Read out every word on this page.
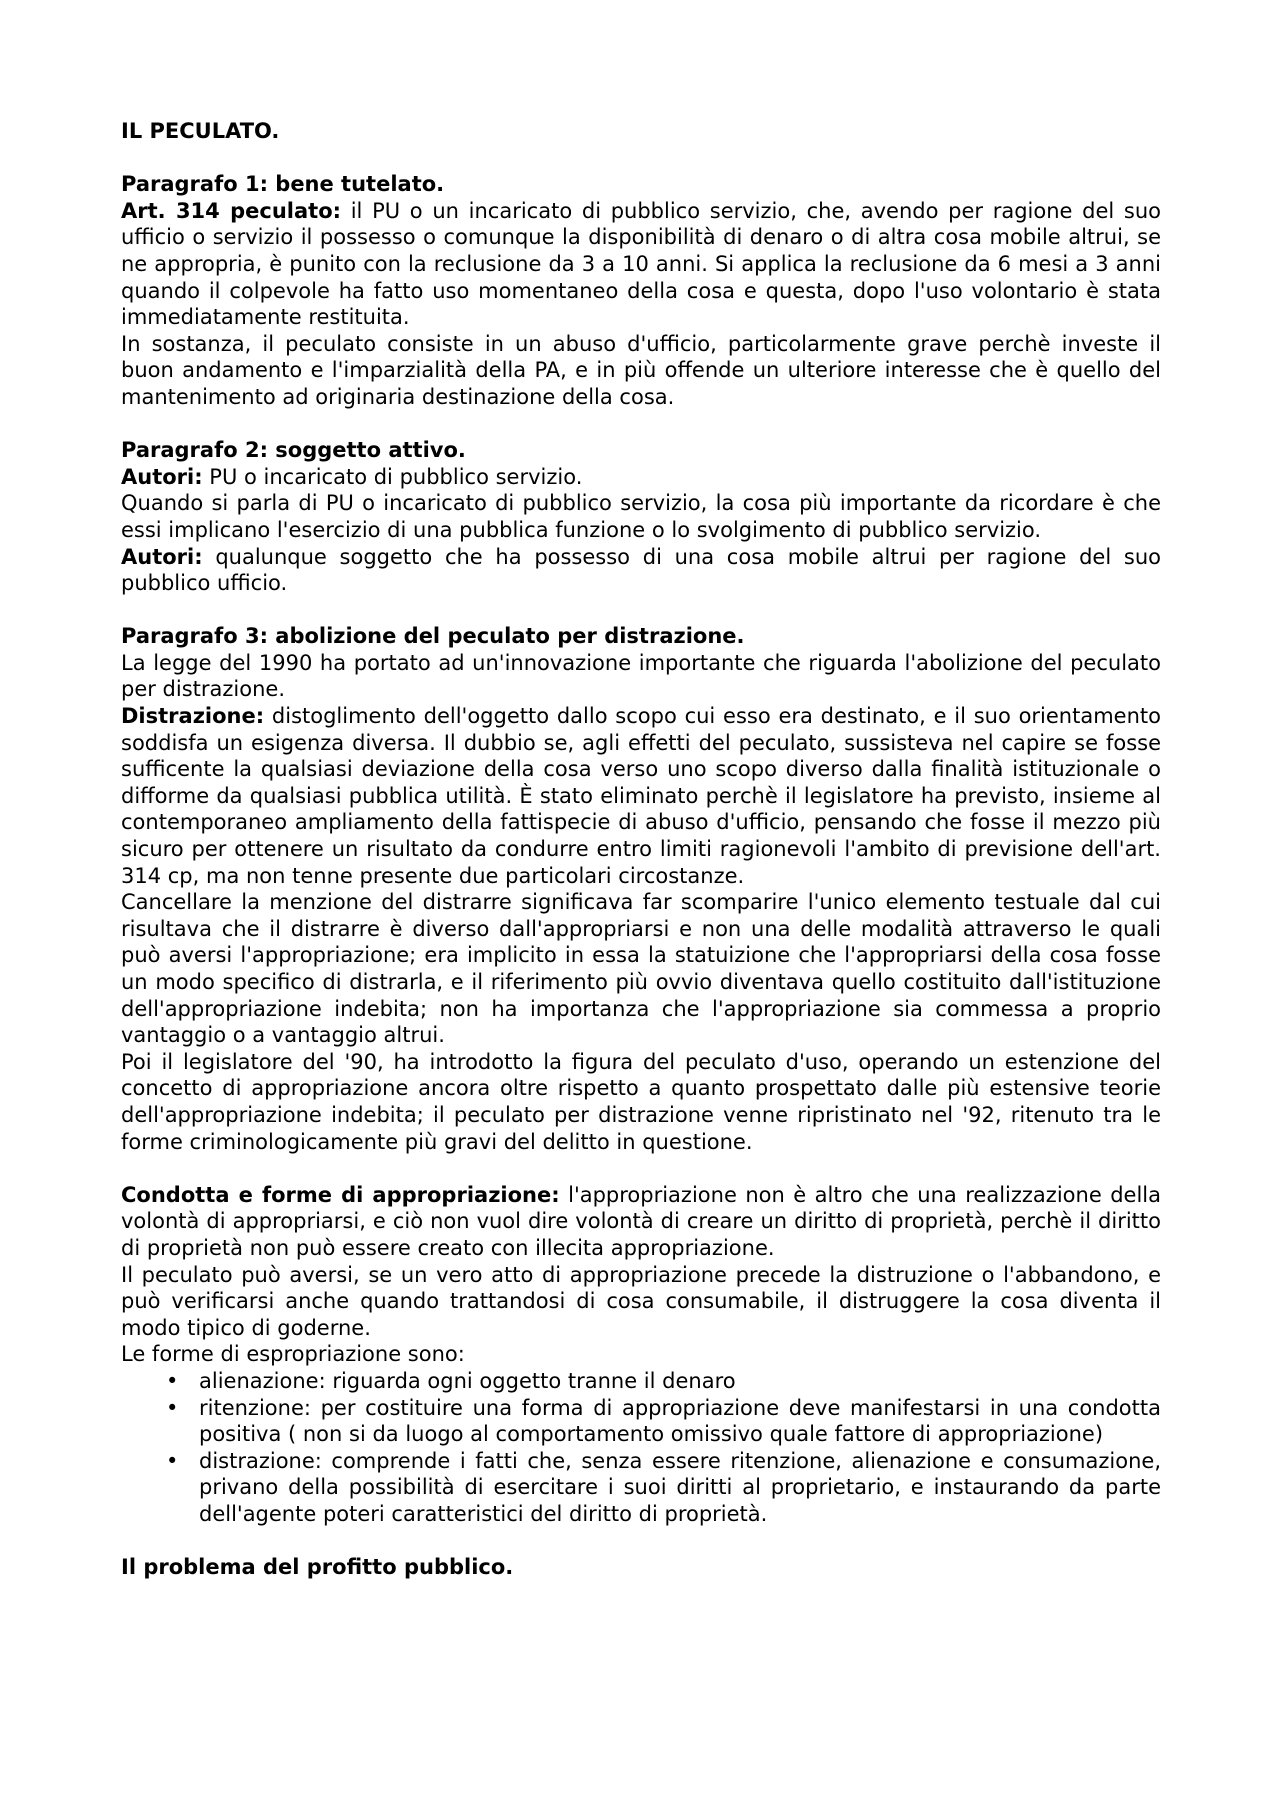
IL PECULATO.

Paragrafo 1: bene tutelato.

Art. 314 peculato: il PU o un incaricato di pubblico servizio, che, avendo per ragione del suo ufficio o servizio il possesso o comunque la disponibilità di denaro o di altra cosa mobile altrui, se ne appropria, è punito con la reclusione da 3 a 10 anni. Si applica la reclusione da 6 mesi a 3 anni quando il colpevole ha fatto uso momentaneo della cosa e questa, dopo l'uso volontario è stata immediatamente restituita.

In sostanza, il peculato consiste in un abuso d'ufficio, particolarmente grave perchè investe il buon andamento e l'imparzialità della PA, e in più offende un ulteriore interesse che è quello del mantenimento ad originaria destinazione della cosa.

Paragrafo 2: soggetto attivo.

Autori: PU o incaricato di pubblico servizio.

Quando si parla di PU o incaricato di pubblico servizio, la cosa più importante da ricordare è che essi implicano l'esercizio di una pubblica funzione o lo svolgimento di pubblico servizio.

Autori: qualunque soggetto che ha possesso di una cosa mobile altrui per ragione del suo pubblico ufficio.

Paragrafo 3: abolizione del peculato per distrazione.

La legge del 1990 ha portato ad un'innovazione importante che riguarda l'abolizione del peculato per distrazione.

Distrazione: distoglimento dell'oggetto dallo scopo cui esso era destinato, e il suo orientamento soddisfa un esigenza diversa. Il dubbio se, agli effetti del peculato, sussisteva nel capire se fosse sufficente la qualsiasi deviazione della cosa verso uno scopo diverso dalla finalità istituzionale o difforme da qualsiasi pubblica utilità. È stato eliminato perchè il legislatore ha previsto, insieme al contemporaneo ampliamento della fattispecie di abuso d'ufficio, pensando che fosse il mezzo più sicuro per ottenere un risultato da condurre entro limiti ragionevoli l'ambito di previsione dell'art. 314 cp, ma non tenne presente due particolari circostanze.

Cancellare la menzione del distrarre significava far scomparire l'unico elemento testuale dal cui risultava che il distrarre è diverso dall'appropriarsi e non una delle modalità attraverso le quali può aversi l'appropriazione; era implicito in essa la statuizione che l'appropriarsi della cosa fosse un modo specifico di distrarla, e il riferimento più ovvio diventava quello costituito dall'istituzione dell'appropriazione indebita; non ha importanza che l'appropriazione sia commessa a proprio vantaggio o a vantaggio altrui.

Poi il legislatore del '90, ha introdotto la figura del peculato d'uso, operando un estenzione del concetto di appropriazione ancora oltre rispetto a quanto prospettato dalle più estensive teorie dell'appropriazione indebita; il peculato per distrazione venne ripristinato nel '92, ritenuto tra le forme criminologicamente più gravi del delitto in questione.

Condotta e forme di appropriazione: l'appropriazione non è altro che una realizzazione della volontà di appropriarsi, e ciò non vuol dire volontà di creare un diritto di proprietà, perchè il diritto di proprietà non può essere creato con illecita appropriazione.

Il peculato può aversi, se un vero atto di appropriazione precede la distruzione o l'abbandono, e può verificarsi anche quando trattandosi di cosa consumabile, il distruggere la cosa diventa il modo tipico di goderne.

Le forme di espropriazione sono:

• alienazione: riguarda ogni oggetto tranne il denaro
• ritenzione: per costituire una forma di appropriazione deve manifestarsi in una condotta positiva ( non si da luogo al comportamento omissivo quale fattore di appropriazione)
• distrazione: comprende i fatti che, senza essere ritenzione, alienazione e consumazione, privano della possibilità di esercitare i suoi diritti al proprietario, e instaurando da parte dell'agente poteri caratteristici del diritto di proprietà.

Il problema del profitto pubblico.
